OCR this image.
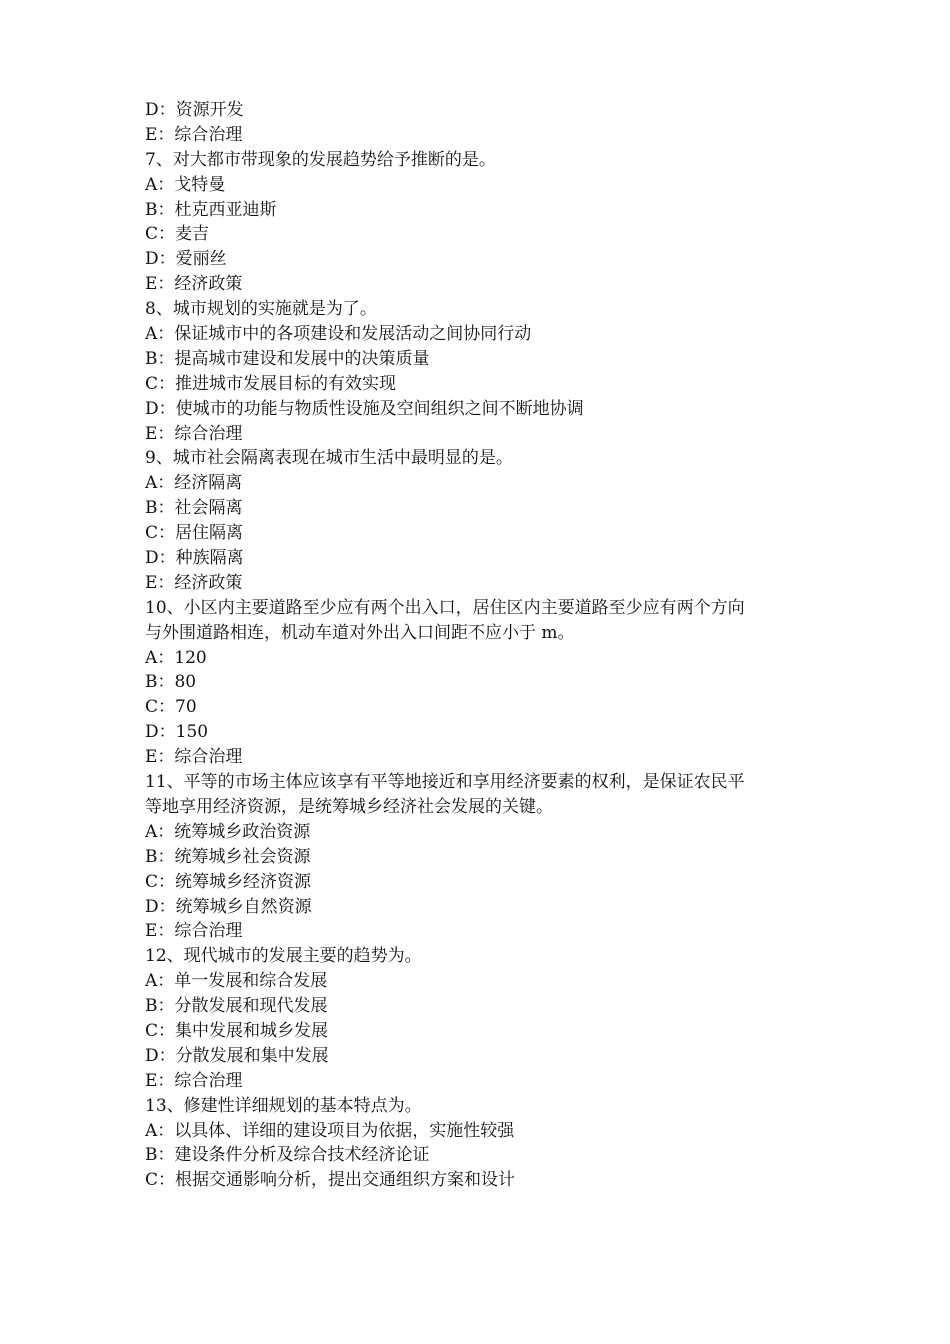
D：资源开发
E：综合治理
7、对大都市带现象的发展趋势给予推断的是。
A：戈特曼
B：杜克西亚迪斯
C：麦吉
D：爱丽丝
E：经济政策
8、城市规划的实施就是为了。
A：保证城市中的各项建设和发展活动之间协同行动
B：提高城市建设和发展中的决策质量
C：推进城市发展目标的有效实现
D：使城市的功能与物质性设施及空间组织之间不断地协调
E：综合治理
9、城市社会隔离表现在城市生活中最明显的是。
A：经济隔离
B：社会隔离
C：居住隔离
D：种族隔离
E：经济政策
10、小区内主要道路至少应有两个出入口，居住区内主要道路至少应有两个方向
与外围道路相连，机动车道对外出入口间距不应小于 m。
A：120
B：80
C：70
D：150
E：综合治理
11、平等的市场主体应该享有平等地接近和享用经济要素的权利，是保证农民平
等地享用经济资源，是统筹城乡经济社会发展的关键。
A：统筹城乡政治资源
B：统筹城乡社会资源
C：统筹城乡经济资源
D：统筹城乡自然资源
E：综合治理
12、现代城市的发展主要的趋势为。
A：单一发展和综合发展
B：分散发展和现代发展
C：集中发展和城乡发展
D：分散发展和集中发展
E：综合治理
13、修建性详细规划的基本特点为。
A：以具体、详细的建设项目为依据，实施性较强
B：建设条件分析及综合技术经济论证
C：根据交通影响分析，提出交通组织方案和设计
